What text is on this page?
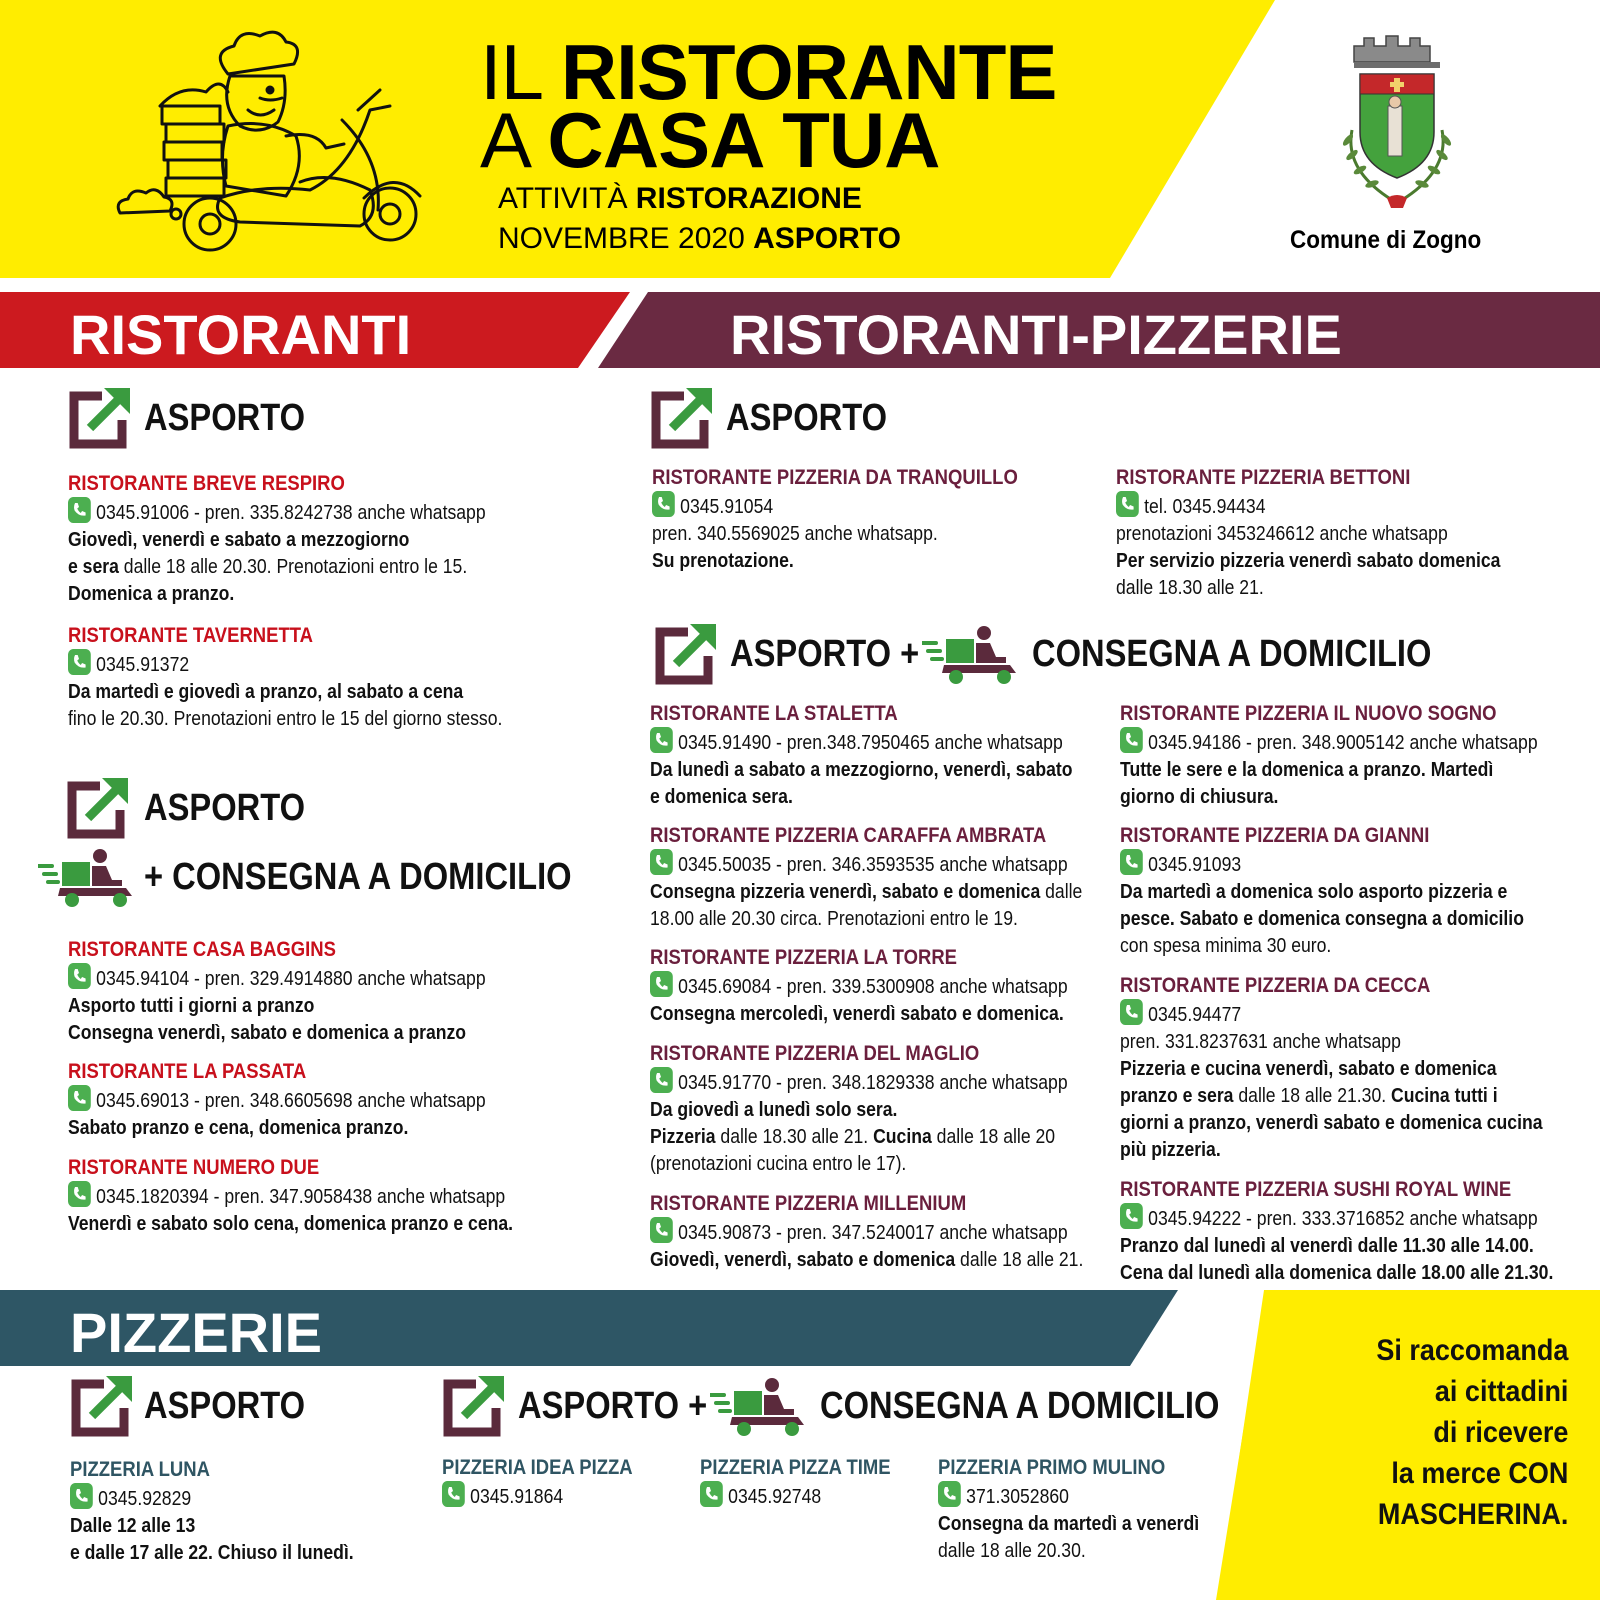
IL RISTORANTE
A CASA TUA
ATTIVITÀ RISTORAZIONE
NOVEMBRE 2020 ASPORTO	Comune di Zogno
RISTORANTI	RISTORANTI-PIZZERIE
PIZZERIE
ASPORTO
RISTORANTE BREVE RESPIRO
0345.91006 - pren. 335.8242738 anche whatsapp
Giovedì, venerdì e sabato a mezzogiorno
e sera dalle 18 alle 20.30. Prenotazioni entro le 15.
Domenica a pranzo.
RISTORANTE TAVERNETTA
0345.91372
Da martedì e giovedì a pranzo, al sabato a cena
fino le 20.30. Prenotazioni entro le 15 del giorno stesso.
ASPORTO
+ CONSEGNA A DOMICILIO
RISTORANTE CASA BAGGINS
0345.94104 - pren. 329.4914880 anche whatsapp
Asporto tutti i giorni a pranzo
Consegna venerdì, sabato e domenica a pranzo
RISTORANTE LA PASSATA
0345.69013 - pren. 348.6605698 anche whatsapp
Sabato pranzo e cena, domenica pranzo.
RISTORANTE NUMERO DUE
0345.1820394 - pren. 347.9058438 anche whatsapp
Venerdì e sabato solo cena, domenica pranzo e cena.
ASPORTO
RISTORANTE PIZZERIA DA TRANQUILLO
0345.91054
pren. 340.5569025 anche whatsapp.
Su prenotazione.
RISTORANTE PIZZERIA BETTONI
tel. 0345.94434
prenotazioni 3453246612 anche whatsapp
Per servizio pizzeria venerdì sabato domenica
dalle 18.30 alle 21.
ASPORTO +	CONSEGNA A DOMICILIO
RISTORANTE LA STALETTA
0345.91490 - pren.348.7950465 anche whatsapp
Da lunedì a sabato a mezzogiorno, venerdì, sabato
e domenica sera.
RISTORANTE PIZZERIA CARAFFA AMBRATA
0345.50035 - pren. 346.3593535 anche whatsapp
Consegna pizzeria venerdì, sabato e domenica dalle
18.00 alle 20.30 circa. Prenotazioni entro le 19.
RISTORANTE PIZZERIA LA TORRE
0345.69084 - pren. 339.5300908 anche whatsapp
Consegna mercoledì, venerdì sabato e domenica.
RISTORANTE PIZZERIA DEL MAGLIO
0345.91770 - pren. 348.1829338 anche whatsapp
Da giovedì a lunedì solo sera.
Pizzeria dalle 18.30 alle 21. Cucina dalle 18 alle 20
(prenotazioni cucina entro le 17).
RISTORANTE PIZZERIA MILLENIUM
0345.90873 - pren. 347.5240017 anche whatsapp
Giovedì, venerdì, sabato e domenica dalle 18 alle 21.
RISTORANTE PIZZERIA IL NUOVO SOGNO
0345.94186 - pren. 348.9005142 anche whatsapp
Tutte le sere e la domenica a pranzo. Martedì
giorno di chiusura.
RISTORANTE PIZZERIA DA GIANNI
0345.91093
Da martedì a domenica solo asporto pizzeria e
pesce. Sabato e domenica consegna a domicilio
con spesa minima 30 euro.
RISTORANTE PIZZERIA DA CECCA
0345.94477
pren. 331.8237631 anche whatsapp
Pizzeria e cucina venerdì, sabato e domenica
pranzo e sera dalle 18 alle 21.30. Cucina tutti i
giorni a pranzo, venerdì sabato e domenica cucina
più pizzeria.
RISTORANTE PIZZERIA SUSHI ROYAL WINE
0345.94222 - pren. 333.3716852 anche whatsapp
Pranzo dal lunedì al venerdì dalle 11.30 alle 14.00.
Cena dal lunedì alla domenica dalle 18.00 alle 21.30.
ASPORTO	ASPORTO +	CONSEGNA A DOMICILIO
PIZZERIA LUNA
0345.92829
Dalle 12 alle 13
e dalle 17 alle 22. Chiuso il lunedì.
PIZZERIA IDEA PIZZA
0345.91864
PIZZERIA PIZZA TIME
0345.92748
PIZZERIA PRIMO MULINO
371.3052860
Consegna da martedì a venerdì
dalle 18 alle 20.30.
Si raccomanda
ai cittadini
di ricevere
la merce CON
MASCHERINA.
